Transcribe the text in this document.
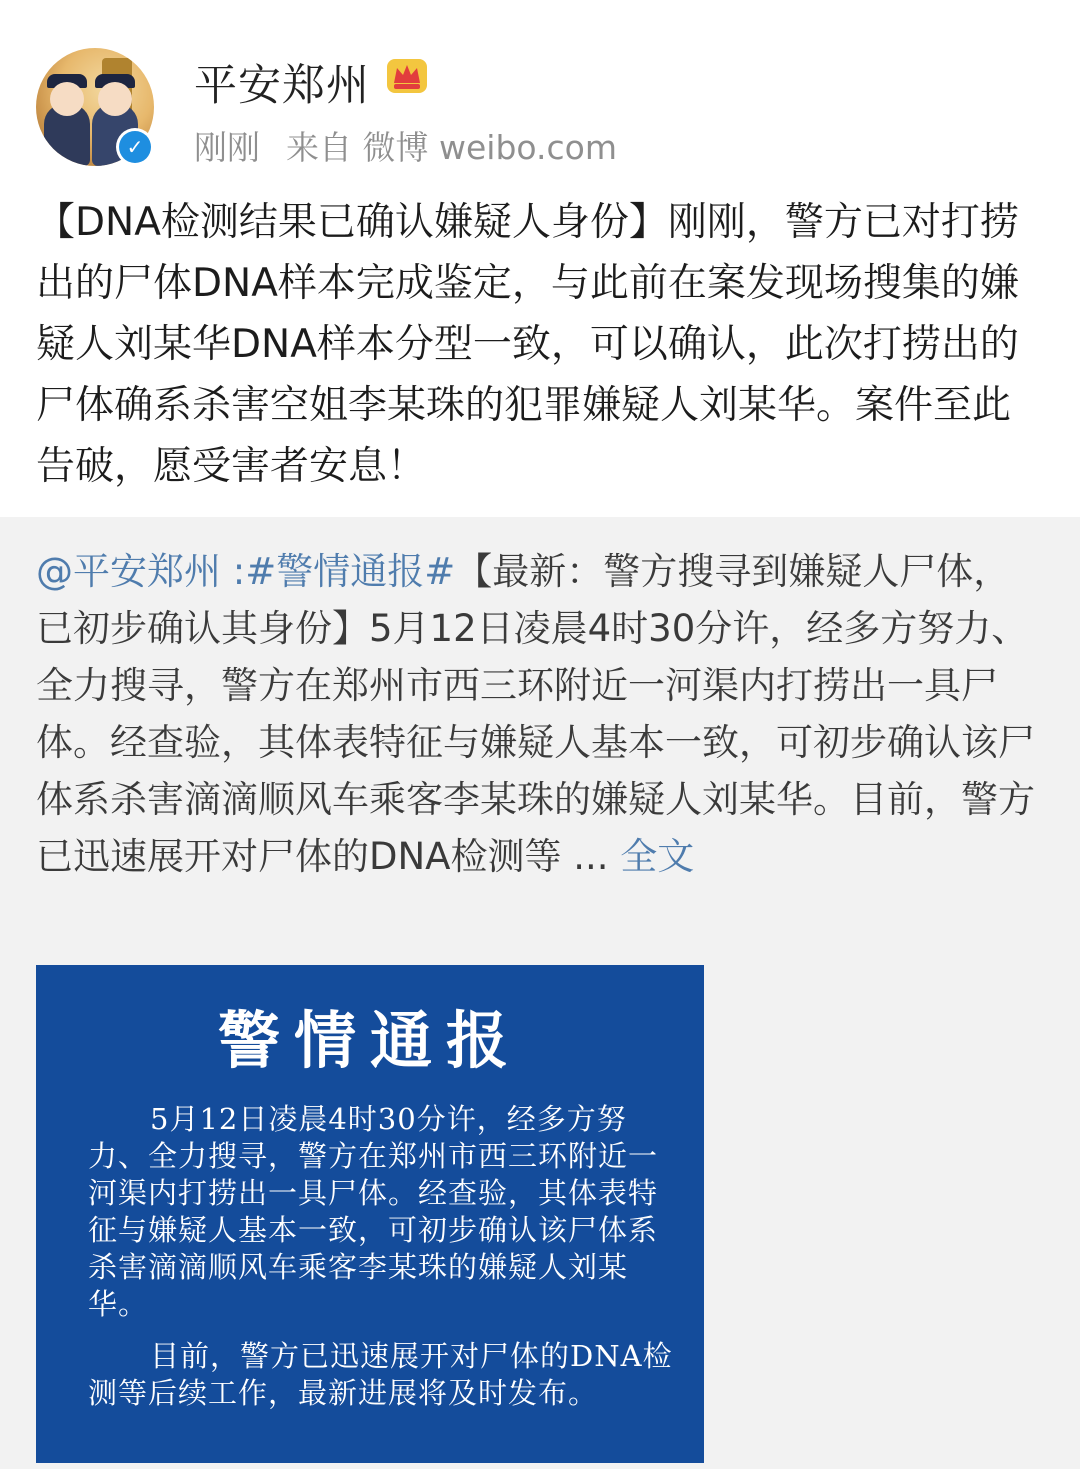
✓
平安郑州
刚刚 来自 微博 weibo.com
【DNA检测结果已确认嫌疑人身份】刚刚，警方已对打捞出的尸体DNA样本完成鉴定，与此前在案发现场搜集的嫌疑人刘某华DNA样本分型一致，可以确认，此次打捞出的尸体确系杀害空姐李某珠的犯罪嫌疑人刘某华。案件至此告破，愿受害者安息！
@平安郑州 :#警情通报#【最新：警方搜寻到嫌疑人尸体，已初步确认其身份】5月12日凌晨4时30分许，经多方努力、全力搜寻，警方在郑州市西三环附近一河渠内打捞出一具尸体。经查验，其体表特征与嫌疑人基本一致，可初步确认该尸体系杀害滴滴顺风车乘客李某珠的嫌疑人刘某华。目前，警方已迅速展开对尸体的DNA检测等 ... 全文
警情通报
5月12日凌晨4时30分许，经多方努力、全力搜寻，警方在郑州市西三环附近一河渠内打捞出一具尸体。经查验，其体表特征与嫌疑人基本一致，可初步确认该尸体系杀害滴滴顺风车乘客李某珠的嫌疑人刘某华。
目前，警方已迅速展开对尸体的DNA检测等后续工作，最新进展将及时发布。
